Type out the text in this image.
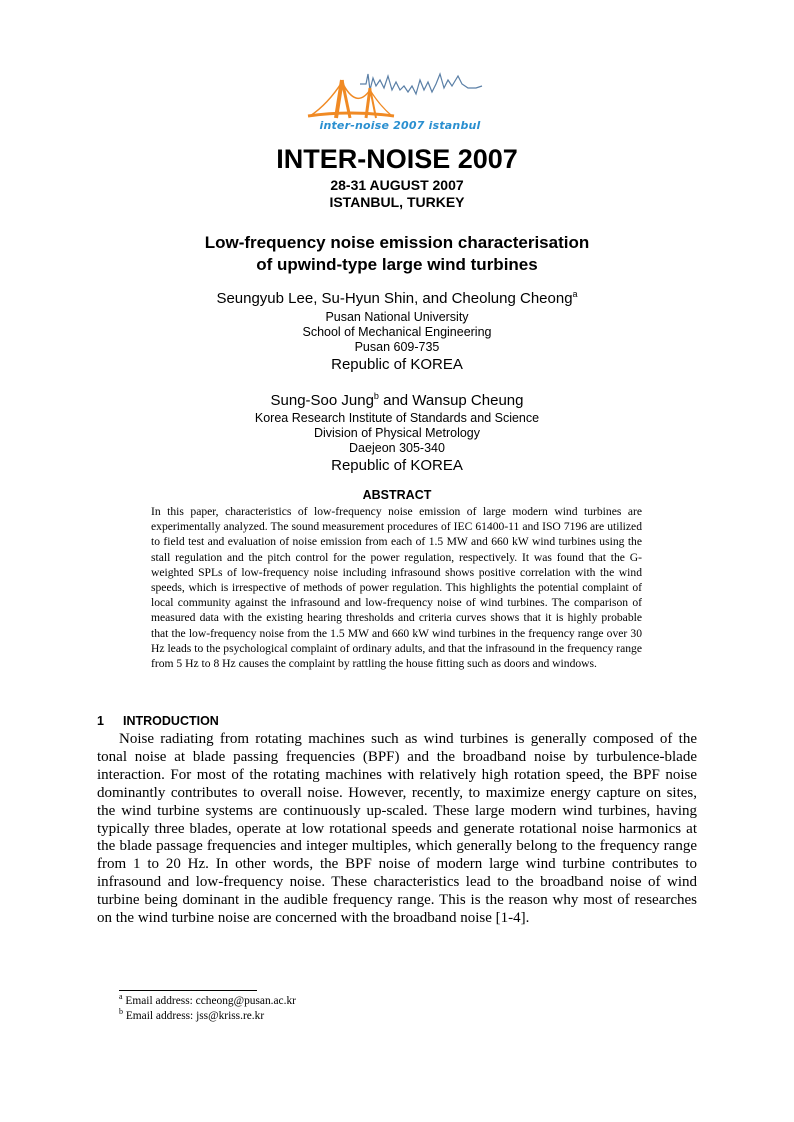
inter-noise 2007 istanbul
INTER-NOISE 2007
28-31 AUGUST 2007
ISTANBUL, TURKEY
Low-frequency noise emission characterisation
of upwind-type large wind turbines
Seungyub Lee, Su-Hyun Shin, and Cheolung Cheong$^a$
Pusan National University
School of Mechanical Engineering
Pusan 609-735
Republic of KOREA
Sung-Soo Jung$^b$ and Wansup Cheung
Korea Research Institute of Standards and Science
Division of Physical Metrology
Daejeon 305-340
Republic of KOREA
ABSTRACT
In this paper, characteristics of low-frequency noise emission of large modern wind turbines are experimentally analyzed. The sound measurement procedures of IEC 61400-11 and ISO 7196 are utilized to field test and evaluation of noise emission from each of 1.5 MW and 660 kW wind turbines using the stall regulation and the pitch control for the power regulation, respectively. It was found that the G-weighted SPLs of low-frequency noise including infrasound shows positive correlation with the wind speeds, which is irrespective of methods of power regulation. This highlights the potential complaint of local community against the infrasound and low-frequency noise of wind turbines. The comparison of measured data with the existing hearing thresholds and criteria curves shows that it is highly probable that the low-frequency noise from the 1.5 MW and 660 kW wind turbines in the frequency range over 30 Hz leads to the psychological complaint of ordinary adults, and that the infrasound in the frequency range from 5 Hz to 8 Hz causes the complaint by rattling the house fitting such as doors and windows.
1 INTRODUCTION
Noise radiating from rotating machines such as wind turbines is generally composed of the tonal noise at blade passing frequencies (BPF) and the broadband noise by turbulence-blade interaction. For most of the rotating machines with relatively high rotation speed, the BPF noise dominantly contributes to overall noise. However, recently, to maximize energy capture on sites, the wind turbine systems are continuously up-scaled. These large modern wind turbines, having typically three blades, operate at low rotational speeds and generate rotational noise harmonics at the blade passage frequencies and integer multiples, which generally belong to the frequency range from 1 to 20 Hz. In other words, the BPF noise of modern large wind turbine contributes to infrasound and low-frequency noise. These characteristics lead to the broadband noise of wind turbine being dominant in the audible frequency range. This is the reason why most of researches on the wind turbine noise are concerned with the broadband noise [1-4].
$^a$ Email address: ccheong@pusan.ac.kr
$^b$ Email address: jss@kriss.re.kr
